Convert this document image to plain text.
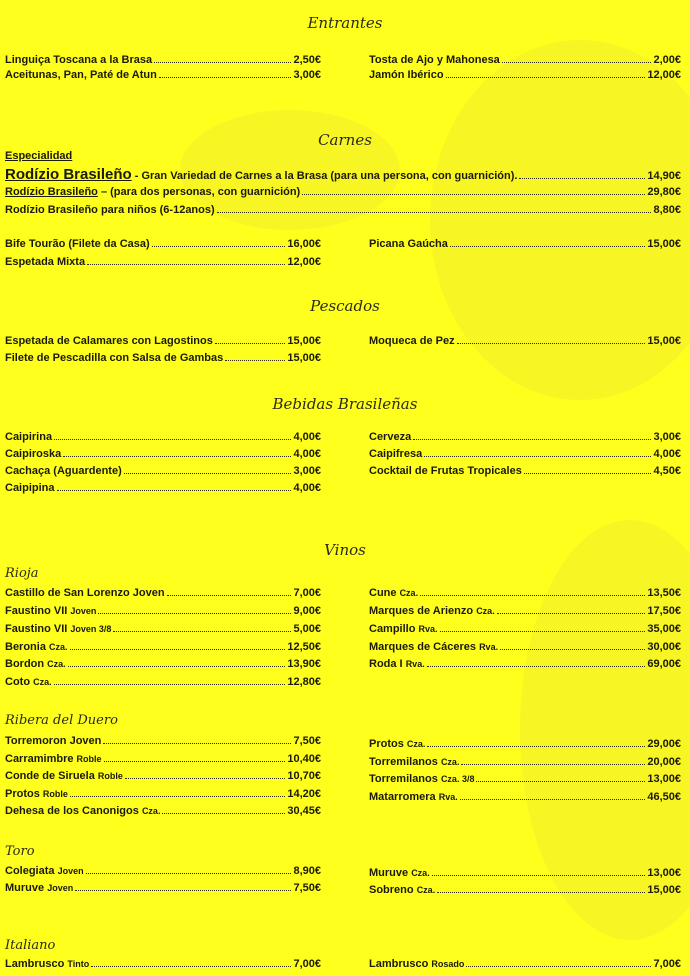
Entrantes
Linguiça Toscana a la Brasa	2,50€
Aceitunas, Pan, Paté de Atun	3,00€
Tosta de Ajo y Mahonesa	2,00€
Jamón Ibérico	12,00€
Carnes
Especialidad
Rodízio Brasileño - Gran Variedad de Carnes a la Brasa (para una persona, con guarnición).	14,90€
Rodízio Brasileño – (para dos personas, con guarnición)	29,80€
Rodízio Brasileño para niños (6-12anos)	8,80€
Bife Tourão (Filete da Casa)	16,00€
Espetada Mixta	12,00€
Picana Gaúcha	15,00€
Pescados
Espetada de Calamares con Lagostinos	15,00€
Filete de Pescadilla con Salsa de Gambas	15,00€
Moqueca de Pez	15,00€
Bebidas Brasileñas
Caipirina	4,00€
Caipiroska	4,00€
Cachaça (Aguardente)	3,00€
Caipipina	4,00€
Cerveza	3,00€
Caipifresa	4,00€
Cocktail de Frutas Tropicales	4,50€
Vinos
Rioja
Castillo de San Lorenzo Joven	7,00€
Faustino VII Joven	9,00€
Faustino VII Joven 3/8	5,00€
Beronia Cza.	12,50€
Bordon Cza.	13,90€
Coto Cza.	12,80€
Cune Cza.	13,50€
Marques de Arienzo Cza.	17,50€
Campillo Rva.	35,00€
Marques de Cáceres Rva.	30,00€
Roda I Rva.	69,00€
Ribera del Duero
Torremoron Joven	7,50€
Carramimbre Roble	10,40€
Conde de Siruela Roble	10,70€
Protos Roble	14,20€
Dehesa de los Canonigos Cza.	30,45€
Protos Cza.	29,00€
Torremilanos Cza.	20,00€
Torremilanos Cza. 3/8	13,00€
Matarromera Rva.	46,50€
Toro
Colegiata Joven	8,90€
Muruve Joven	7,50€
Muruve Cza.	13,00€
Sobreno Cza.	15,00€
Italiano
Lambrusco Tinto	7,00€	Lambrusco Rosado	7,00€
